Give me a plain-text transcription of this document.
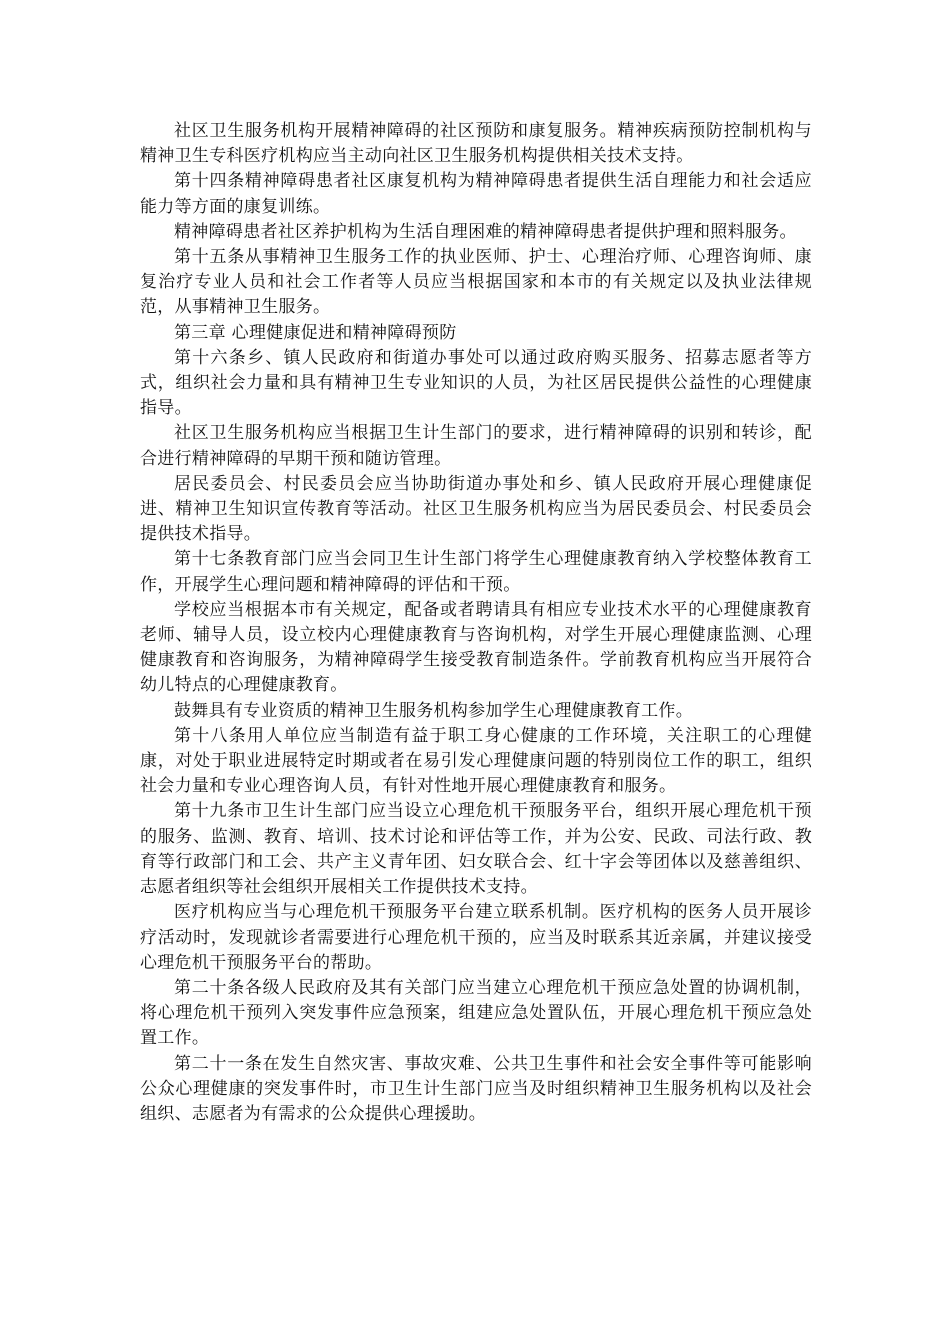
社区卫生服务机构开展精神障碍的社区预防和康复服务。精神疾病预防控制机构与精神卫生专科医疗机构应当主动向社区卫生服务机构提供相关技术支持。

第十四条精神障碍患者社区康复机构为精神障碍患者提供生活自理能力和社会适应能力等方面的康复训练。

精神障碍患者社区养护机构为生活自理困难的精神障碍患者提供护理和照料服务。

第十五条从事精神卫生服务工作的执业医师、护士、心理治疗师、心理咨询师、康复治疗专业人员和社会工作者等人员应当根据国家和本市的有关规定以及执业法律规范，从事精神卫生服务。

第三章 心理健康促进和精神障碍预防

第十六条乡、镇人民政府和街道办事处可以通过政府购买服务、招募志愿者等方式，组织社会力量和具有精神卫生专业知识的人员，为社区居民提供公益性的心理健康指导。

社区卫生服务机构应当根据卫生计生部门的要求，进行精神障碍的识别和转诊，配合进行精神障碍的早期干预和随访管理。

居民委员会、村民委员会应当协助街道办事处和乡、镇人民政府开展心理健康促进、精神卫生知识宣传教育等活动。社区卫生服务机构应当为居民委员会、村民委员会提供技术指导。

第十七条教育部门应当会同卫生计生部门将学生心理健康教育纳入学校整体教育工作，开展学生心理问题和精神障碍的评估和干预。

学校应当根据本市有关规定，配备或者聘请具有相应专业技术水平的心理健康教育老师、辅导人员，设立校内心理健康教育与咨询机构，对学生开展心理健康监测、心理健康教育和咨询服务，为精神障碍学生接受教育制造条件。学前教育机构应当开展符合幼儿特点的心理健康教育。

鼓舞具有专业资质的精神卫生服务机构参加学生心理健康教育工作。

第十八条用人单位应当制造有益于职工身心健康的工作环境，关注职工的心理健康，对处于职业进展特定时期或者在易引发心理健康问题的特别岗位工作的职工，组织社会力量和专业心理咨询人员，有针对性地开展心理健康教育和服务。

第十九条市卫生计生部门应当设立心理危机干预服务平台，组织开展心理危机干预的服务、监测、教育、培训、技术讨论和评估等工作，并为公安、民政、司法行政、教育等行政部门和工会、共产主义青年团、妇女联合会、红十字会等团体以及慈善组织、志愿者组织等社会组织开展相关工作提供技术支持。

医疗机构应当与心理危机干预服务平台建立联系机制。医疗机构的医务人员开展诊疗活动时，发现就诊者需要进行心理危机干预的，应当及时联系其近亲属，并建议接受心理危机干预服务平台的帮助。

第二十条各级人民政府及其有关部门应当建立心理危机干预应急处置的协调机制，将心理危机干预列入突发事件应急预案，组建应急处置队伍，开展心理危机干预应急处置工作。

第二十一条在发生自然灾害、事故灾难、公共卫生事件和社会安全事件等可能影响公众心理健康的突发事件时，市卫生计生部门应当及时组织精神卫生服务机构以及社会组织、志愿者为有需求的公众提供心理援助。
